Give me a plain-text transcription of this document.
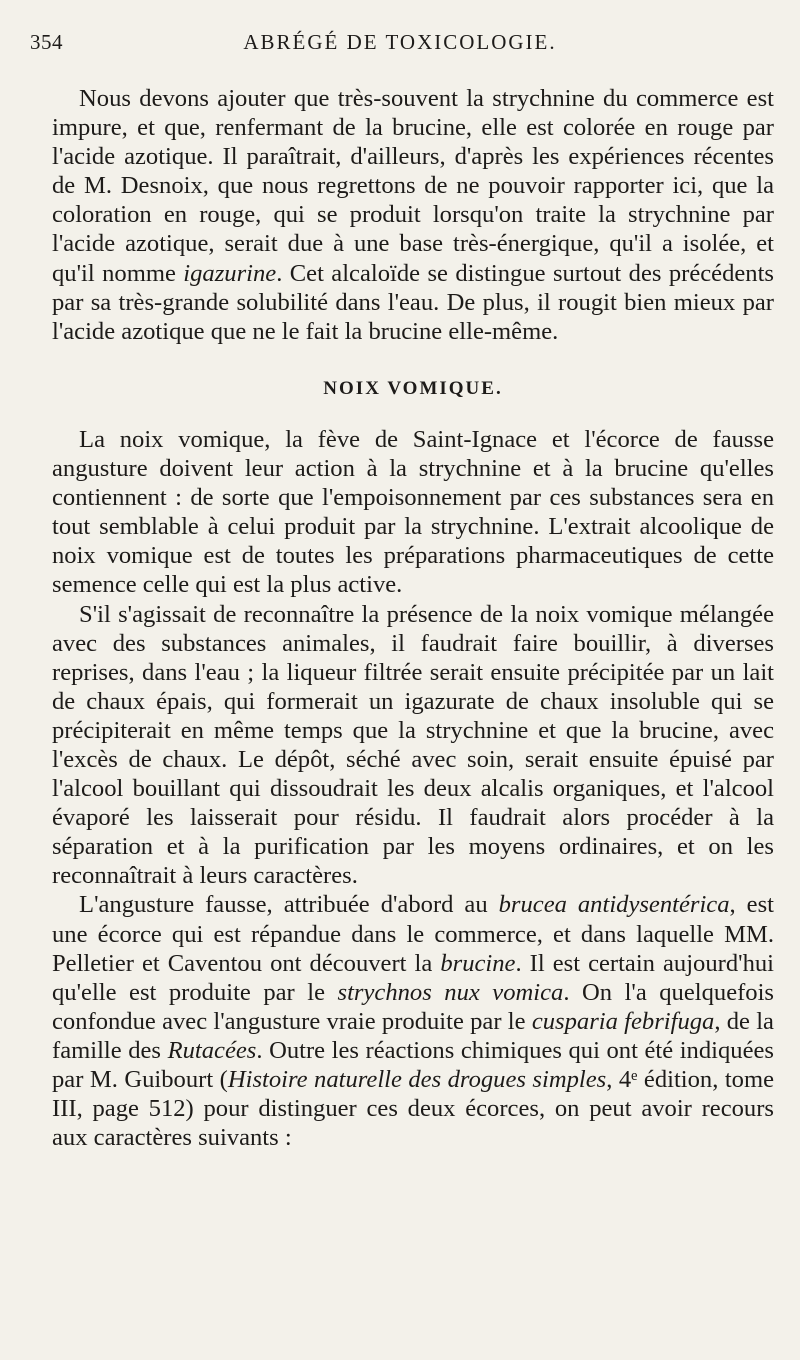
354	ABRÉGÉ DE TOXICOLOGIE.

Nous devons ajouter que très-souvent la strychnine du commerce est impure, et que, renfermant de la brucine, elle est colorée en rouge par l'acide azotique. Il paraîtrait, d'ailleurs, d'après les expériences récentes de M. Desnoix, que nous regrettons de ne pouvoir rapporter ici, que la coloration en rouge, qui se produit lorsqu'on traite la strychnine par l'acide azotique, serait due à une base très-énergique, qu'il a isolée, et qu'il nomme igazurine. Cet alcaloïde se distingue surtout des précédents par sa très-grande solubilité dans l'eau. De plus, il rougit bien mieux par l'acide azotique que ne le fait la brucine elle-même.

NOIX VOMIQUE.

La noix vomique, la fève de Saint-Ignace et l'écorce de fausse angusture doivent leur action à la strychnine et à la brucine qu'elles contiennent : de sorte que l'empoisonnement par ces substances sera en tout semblable à celui produit par la strychnine. L'extrait alcoolique de noix vomique est de toutes les préparations pharmaceutiques de cette semence celle qui est la plus active.

S'il s'agissait de reconnaître la présence de la noix vomique mélangée avec des substances animales, il faudrait faire bouillir, à diverses reprises, dans l'eau ; la liqueur filtrée serait ensuite précipitée par un lait de chaux épais, qui formerait un igazurate de chaux insoluble qui se précipiterait en même temps que la strychnine et que la brucine, avec l'excès de chaux. Le dépôt, séché avec soin, serait ensuite épuisé par l'alcool bouillant qui dissoudrait les deux alcalis organiques, et l'alcool évaporé les laisserait pour résidu. Il faudrait alors procéder à la séparation et à la purification par les moyens ordinaires, et on les reconnaîtrait à leurs caractères.

L'angusture fausse, attribuée d'abord au brucea antidysentérica, est une écorce qui est répandue dans le commerce, et dans laquelle MM. Pelletier et Caventou ont découvert la brucine. Il est certain aujourd'hui qu'elle est produite par le strychnos nux vomica. On l'a quelquefois confondue avec l'angusture vraie produite par le cusparia febrifuga, de la famille des Rutacées. Outre les réactions chimiques qui ont été indiquées par M. Guibourt (Histoire naturelle des drogues simples, 4ᵉ édition, tome III, page 512) pour distinguer ces deux écorces, on peut avoir recours aux caractères suivants :
